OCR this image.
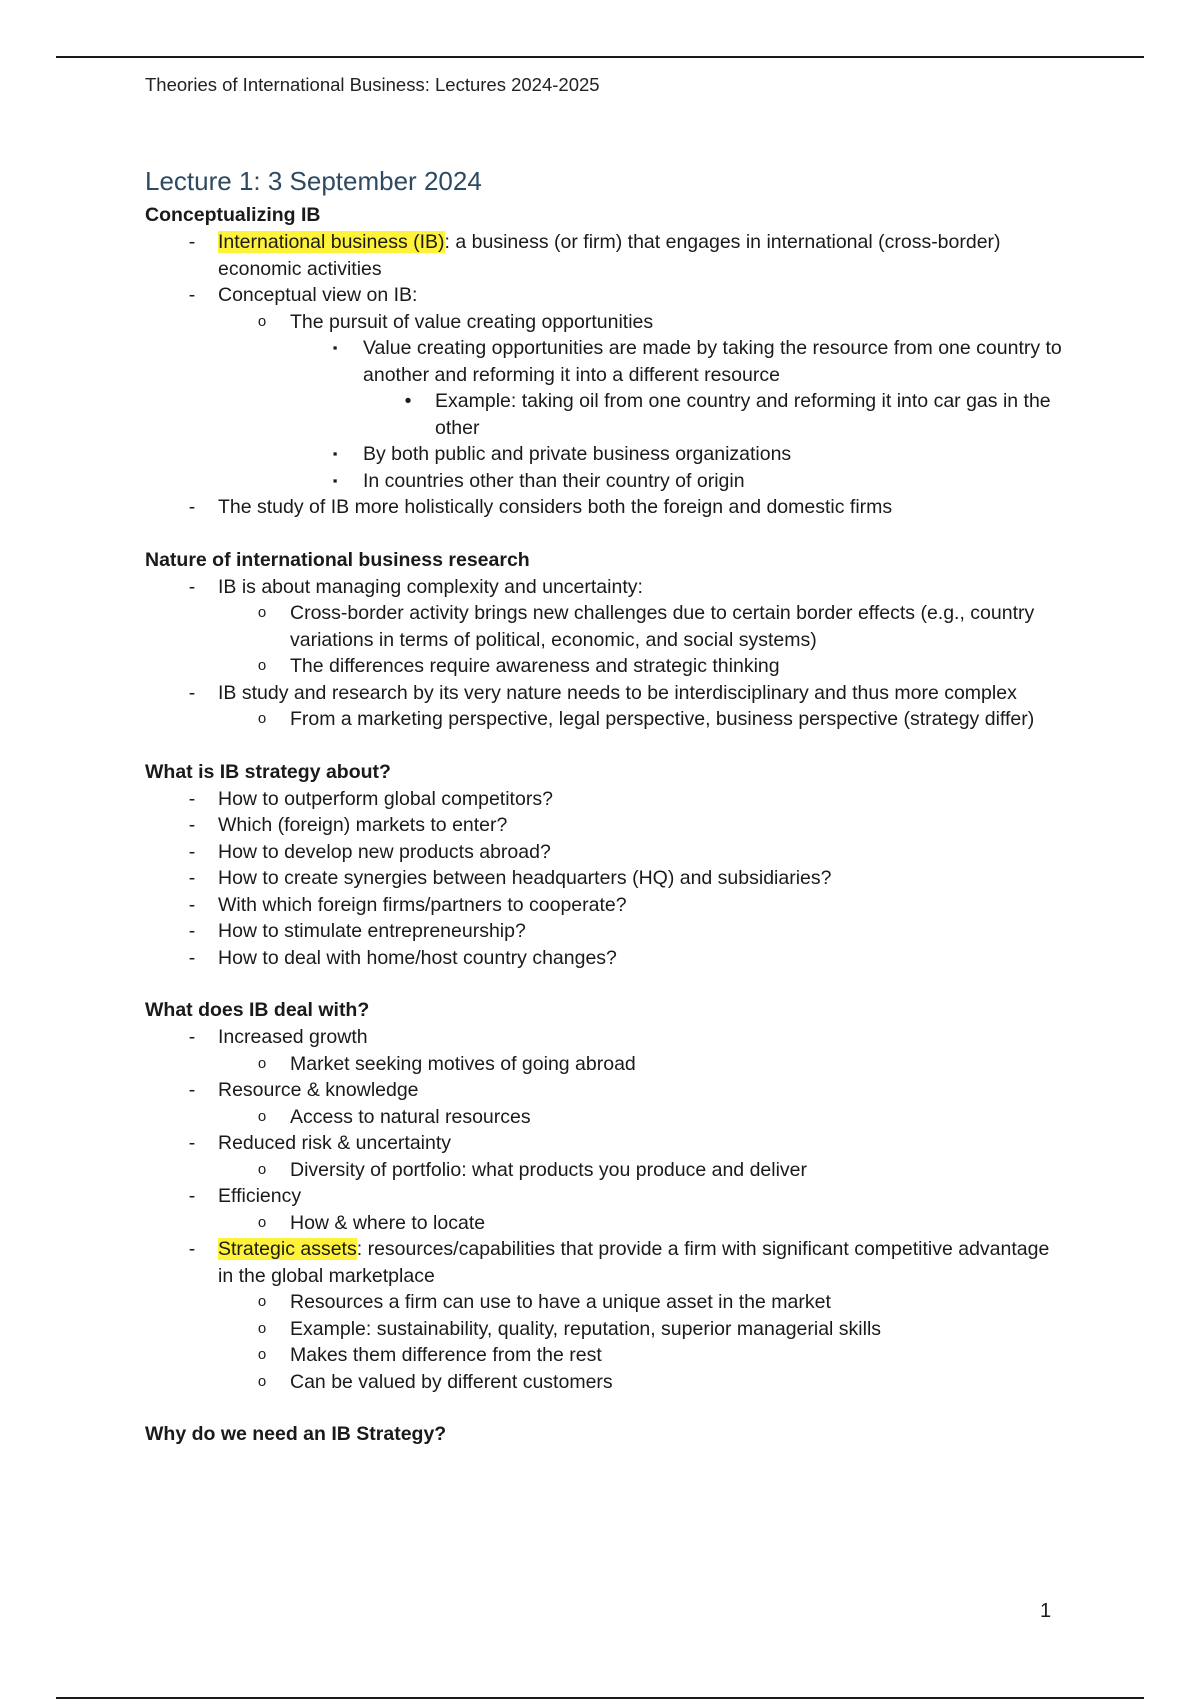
Theories of International Business: Lectures 2024-2025
Lecture 1: 3 September 2024
Conceptualizing IB
-	International business (IB): a business (or firm) that engages in international (cross-border) economic activities
-	Conceptual view on IB:
o The pursuit of value creating opportunities
▪	Value creating opportunities are made by taking the resource from one country to another and reforming it into a different resource
•	Example: taking oil from one country and reforming it into car gas in the other
▪	By both public and private business organizations
▪	In countries other than their country of origin
-	The study of IB more holistically considers both the foreign and domestic firms
Nature of international business research
-	IB is about managing complexity and uncertainty:
o Cross-border activity brings new challenges due to certain border effects (e.g., country variations in terms of political, economic, and social systems)
o The differences require awareness and strategic thinking
-	IB study and research by its very nature needs to be interdisciplinary and thus more complex
o From a marketing perspective, legal perspective, business perspective (strategy differ)
What is IB strategy about?
-	How to outperform global competitors?
-	Which (foreign) markets to enter?
-	How to develop new products abroad?
-	How to create synergies between headquarters (HQ) and subsidiaries?
-	With which foreign firms/partners to cooperate?
-	How to stimulate entrepreneurship?
-	How to deal with home/host country changes?
What does IB deal with?
-	Increased growth
o Market seeking motives of going abroad
-	Resource & knowledge
o Access to natural resources
-	Reduced risk & uncertainty
o Diversity of portfolio: what products you produce and deliver
-	Efficiency
o How & where to locate
-	Strategic assets: resources/capabilities that provide a firm with significant competitive advantage in the global marketplace
o Resources a firm can use to have a unique asset in the market
o Example: sustainability, quality, reputation, superior managerial skills
o Makes them difference from the rest
o Can be valued by different customers
Why do we need an IB Strategy?
1
